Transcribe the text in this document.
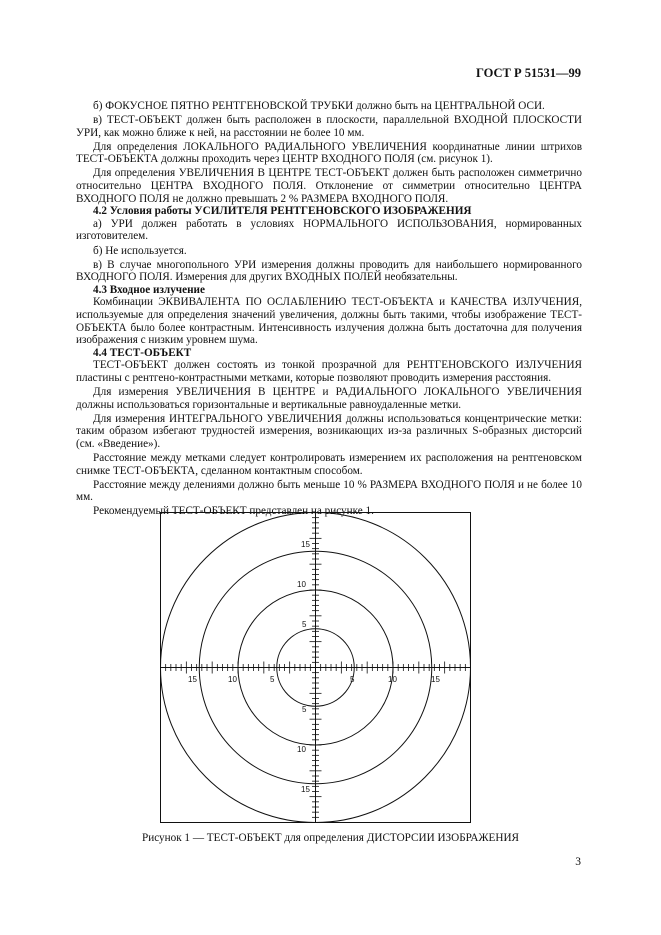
ГОСТ Р 51531—99

б) ФОКУСНОЕ ПЯТНО РЕНТГЕНОВСКОЙ ТРУБКИ должно быть на ЦЕНТРАЛЬНОЙ ОСИ.

в) ТЕСТ-ОБЪЕКТ должен быть расположен в плоскости, параллельной ВХОДНОЙ ПЛОСКОСТИ УРИ, как можно ближе к ней, на расстоянии не более 10 мм.

Для определения ЛОКАЛЬНОГО РАДИАЛЬНОГО УВЕЛИЧЕНИЯ координатные линии штрихов ТЕСТ-ОБЪЕКТА должны проходить через ЦЕНТР ВХОДНОГО ПОЛЯ (см. рисунок 1).

Для определения УВЕЛИЧЕНИЯ В ЦЕНТРЕ ТЕСТ-ОБЪЕКТ должен быть расположен симметрично относительно ЦЕНТРА ВХОДНОГО ПОЛЯ. Отклонение от симметрии относительно ЦЕНТРА ВХОДНОГО ПОЛЯ не должно превышать 2 % РАЗМЕРА ВХОДНОГО ПОЛЯ.

4.2 Условия работы УСИЛИТЕЛЯ РЕНТГЕНОВСКОГО ИЗОБРАЖЕНИЯ

а) УРИ должен работать в условиях НОРМАЛЬНОГО ИСПОЛЬЗОВАНИЯ, нормированных изготовителем.

б) Не используется.

в) В случае многопольного УРИ измерения должны проводить для наибольшего нормированного ВХОДНОГО ПОЛЯ. Измерения для других ВХОДНЫХ ПОЛЕЙ необязательны.

4.3 Входное излучение

Комбинации ЭКВИВАЛЕНТА ПО ОСЛАБЛЕНИЮ ТЕСТ-ОБЪЕКТА и КАЧЕСТВА ИЗЛУЧЕНИЯ, используемые для определения значений увеличения, должны быть такими, чтобы изображение ТЕСТ-ОБЪЕКТА было более контрастным. Интенсивность излучения должна быть достаточна для получения изображения с низким уровнем шума.

4.4 ТЕСТ-ОБЪЕКТ

ТЕСТ-ОБЪЕКТ должен состоять из тонкой прозрачной для РЕНТГЕНОВСКОГО ИЗЛУЧЕНИЯ пластины с рентгено-контрастными метками, которые позволяют проводить измерения расстояния.

Для измерения УВЕЛИЧЕНИЯ В ЦЕНТРЕ и РАДИАЛЬНОГО ЛОКАЛЬНОГО УВЕЛИЧЕНИЯ должны использоваться горизонтальные и вертикальные равноудаленные метки.

Для измерения ИНТЕГРАЛЬНОГО УВЕЛИЧЕНИЯ должны использоваться концентрические метки: таким образом избегают трудностей измерения, возникающих из-за различных S-образных дисторсий (см. «Введение»).

Расстояние между метками следует контролировать измерением их расположения на рентгеновском снимке ТЕСТ-ОБЪЕКТА, сделанном контактным способом.

Расстояние между делениями должно быть меньше 10 % РАЗМЕРА ВХОДНОГО ПОЛЯ и не более 10 мм.

Рекомендуемый ТЕСТ-ОБЪЕКТ представлен на рисунке 1.

15
10
5
5
10
15
15	10	5	5	10	15
Рисунок 1 — ТЕСТ-ОБЪЕКТ для определения ДИСТОРСИИ ИЗОБРАЖЕНИЯ
3
